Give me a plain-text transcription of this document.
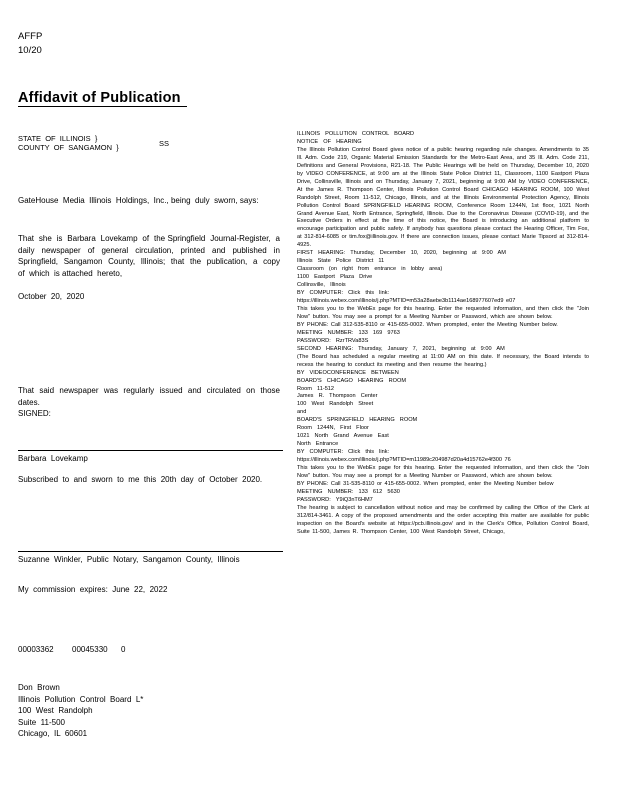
AFFP
10/20
Affidavit of Publication
STATE  OF  ILLINOIS  }
COUNTY  OF  SANGAMON  }	SS
GateHouse  Media  Illinois  Holdings,  Inc., being  duly  sworn, says:
That  she  is  Barbara  Lovekamp  of  the Springfield  Journal-Register,  a  daily  newspaper  of  general  circulation,  printed  and  published  in  Springfield,  Sangamon  County,  Illinois;  that  the  publication,  a  copy  of  which  is attached  hereto,
October  20,  2020
That  said  newspaper  was  regularly  issued  and  circulated  on  those  dates.
SIGNED:
Barbara  Lovekamp
Subscribed  to  and  sworn  to  me  this  20th  day  of  October  2020.
Suzanne  Winkler,  Public  Notary,  Sangamon  County,  Illinois
My  commission  expires:  June  22,  2022
00003362 00045330 0
Don  Brown
Illinois  Pollution  Control  Board  L*
100  West  Randolph
Suite  11-500
Chicago,  IL  60601
ILLINOIS  POLLUTION  CONTROL  BOARD
NOTICE  OF  HEARING
The Illinois Pollution Control Board gives notice of a public hearing regarding rule changes. Amendments to 35 Ill. Adm. Code 219, Organic Material Emission Standards for the Metro-East Area, and 35 Ill. Adm. Code 211, Definitions and General Provisions, R21-18. The Public Hearings will be held on Thursday, December 10, 2020 by VIDEO CONFERENCE, at 9:00 am at the Illinois State Police District 11, Classroom, 1100 Eastport Plaza Drive, Collinsville, Illinois and on Thursday, January 7, 2021, beginning at 9:00 AM by VIDEO CONFERENCE, At the James R. Thompson Center, Illinois Pollution Control Board CHICAGO HEARING ROOM, 100 West Randolph Street, Room 11-512, Chicago, Illinois, and at the Illinois Environmental Protection Agency, Illinois Pollution Control Board SPRINGFIELD HEARING ROOM, Conference Room 1244N, 1st floor, 1021 North Grand Avenue East, North Entrance, Springfield, Illinois. Due to the Coronavirus Disease (COVID-19), and the Executive Orders in effect at the time of this notice, the Board is introducing an additional platform to encourage participation and public safety. If anybody has questions please contact the Hearing Officer, Tim Fox, at 312-814-6085 or tim.fox@illinois.gov. If there are connection issues, please contact Marie Tipsord at 312-814-4925.
FIRST  HEARING:  Thursday,  December  10,  2020,  beginning  at  9:00  AM
Illinois  State  Police  District  11
Classroom  (on  right  from  entrance  in  lobby  area)
1100  Eastport  Plaza  Drive
Collinsville,  Illinois
BY  COMPUTER:  Click  this  link:
https://illinois.webex.com/illinois/j.php?MTID=m53a28aebe3b1114ae168977607ed9 e07
This takes you to the WebEx page for this hearing. Enter the requested information, and then click the "Join Now" button. You may see a prompt for a Meeting Number or Password, which are shown below.
BY PHONE: Call 312-535-8110 or 415-655-0002. When prompted, enter the Meeting Number below.
MEETING  NUMBER:  133  169  9763
PASSWORD:  RzrTRVa83S
SECOND  HEARING:  Thursday,  January  7,  2021,  beginning  at  9:00  AM
(The Board has scheduled a regular meeting at 11:00 AM on this date. If necessary, the Board intends to recess the hearing to conduct its meeting and then resume the hearing.)
BY  VIDEOCONFERENCE  BETWEEN
BOARD'S  CHICAGO  HEARING  ROOM
Room  11-512
James  R.  Thompson  Center
100  West  Randolph  Street
and
BOARD'S  SPRINGFIELD  HEARING  ROOM
Room  1244N,  First  Floor
1021  North  Grand  Avenue  East
North  Entrance
BY  COMPUTER:  Click  this  link:
https://illinois.webex.com/illinois/j.php?MTID=m11989c204987d20a4d15762e4f300 76
This takes you to the WebEx page for this hearing. Enter the requested information, and then click the "Join Now" button. You may see a prompt for a Meeting Number or Password, which are shown below.
BY PHONE: Call 31-535-8110 or 415-655-0002. When prompted, enter the Meeting Number below
MEETING  NUMBER:  133  612  5630
PASSWORD:  Y9iQ3nT6HM7
The hearing is subject to cancellation without notice and may be confirmed by calling the Office of the Clerk at 312/814-3461. A copy of the proposed amendments and the order accepting this matter are available for public inspection on the Board's website at https://pcb.illinois.gov/ and in the Clerk's Office, Pollution Control Board, Suite 11-500, James R. Thompson Center, 100 West Randolph Street, Chicago,
